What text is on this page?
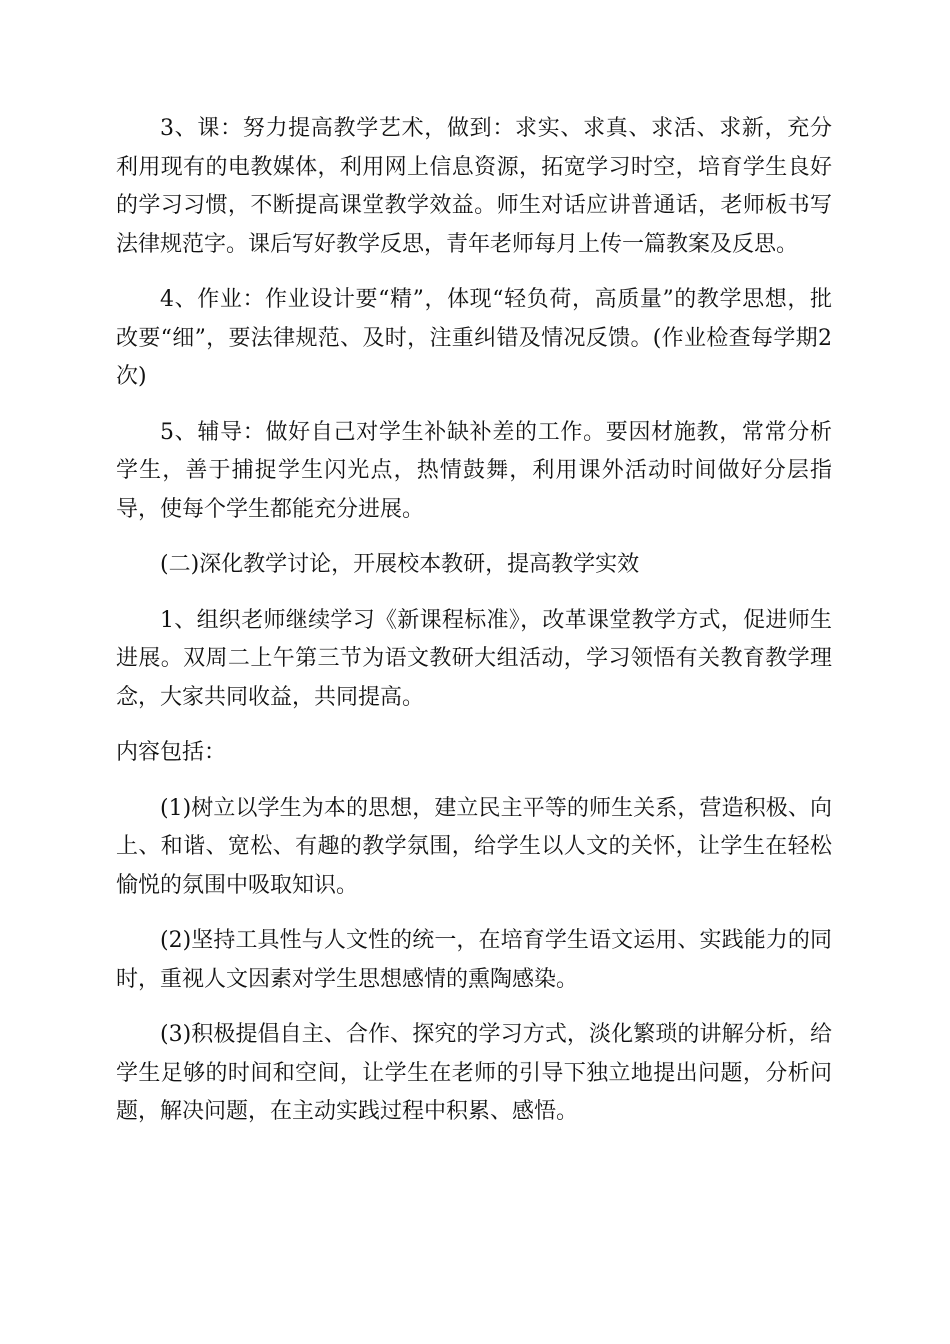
3、课：努力提高教学艺术，做到：求实、求真、求活、求新，充分利用现有的电教媒体，利用网上信息资源，拓宽学习时空，培育学生良好的学习习惯，不断提高课堂教学效益。师生对话应讲普通话，老师板书写法律规范字。课后写好教学反思，青年老师每月上传一篇教案及反思。

4、作业：作业设计要“精”，体现“轻负荷，高质量”的教学思想，批改要“细”，要法律规范、及时，注重纠错及情况反馈。(作业检查每学期2次)

5、辅导：做好自己对学生补缺补差的工作。要因材施教，常常分析学生，善于捕捉学生闪光点，热情鼓舞，利用课外活动时间做好分层指导，使每个学生都能充分进展。

(二)深化教学讨论，开展校本教研，提高教学实效

1、组织老师继续学习《新课程标准》，改革课堂教学方式，促进师生进展。双周二上午第三节为语文教研大组活动，学习领悟有关教育教学理念，大家共同收益，共同提高。

内容包括：

(1)树立以学生为本的思想，建立民主平等的师生关系，营造积极、向上、和谐、宽松、有趣的教学氛围，给学生以人文的关怀，让学生在轻松愉悦的氛围中吸取知识。

(2)坚持工具性与人文性的统一，在培育学生语文运用、实践能力的同时，重视人文因素对学生思想感情的熏陶感染。

(3)积极提倡自主、合作、探究的学习方式，淡化繁琐的讲解分析，给学生足够的时间和空间，让学生在老师的引导下独立地提出问题，分析问题，解决问题，在主动实践过程中积累、感悟。
